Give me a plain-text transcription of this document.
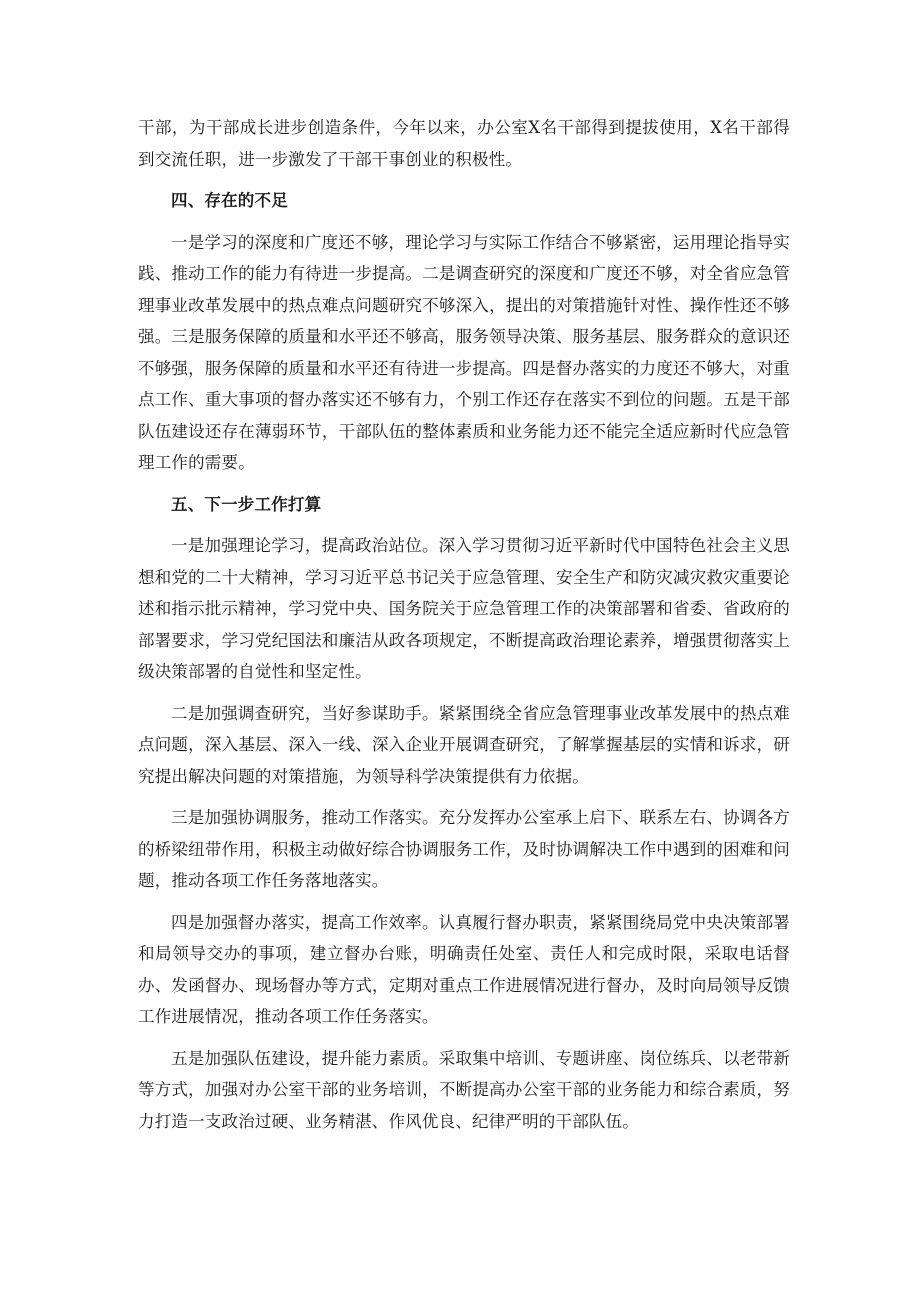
干部，为干部成长进步创造条件，今年以来，办公室X名干部得到提拔使用，X名干部得到交流任职，进一步激发了干部干事创业的积极性。

四、存在的不足

一是学习的深度和广度还不够，理论学习与实际工作结合不够紧密，运用理论指导实践、推动工作的能力有待进一步提高。二是调查研究的深度和广度还不够，对全省应急管理事业改革发展中的热点难点问题研究不够深入，提出的对策措施针对性、操作性还不够强。三是服务保障的质量和水平还不够高，服务领导决策、服务基层、服务群众的意识还不够强，服务保障的质量和水平还有待进一步提高。四是督办落实的力度还不够大，对重点工作、重大事项的督办落实还不够有力，个别工作还存在落实不到位的问题。五是干部队伍建设还存在薄弱环节，干部队伍的整体素质和业务能力还不能完全适应新时代应急管理工作的需要。

五、下一步工作打算

一是加强理论学习，提高政治站位。深入学习贯彻习近平新时代中国特色社会主义思想和党的二十大精神，学习习近平总书记关于应急管理、安全生产和防灾减灾救灾重要论述和指示批示精神，学习党中央、国务院关于应急管理工作的决策部署和省委、省政府的部署要求，学习党纪国法和廉洁从政各项规定，不断提高政治理论素养，增强贯彻落实上级决策部署的自觉性和坚定性。

二是加强调查研究，当好参谋助手。紧紧围绕全省应急管理事业改革发展中的热点难点问题，深入基层、深入一线、深入企业开展调查研究，了解掌握基层的实情和诉求，研究提出解决问题的对策措施，为领导科学决策提供有力依据。

三是加强协调服务，推动工作落实。充分发挥办公室承上启下、联系左右、协调各方的桥梁纽带作用，积极主动做好综合协调服务工作，及时协调解决工作中遇到的困难和问题，推动各项工作任务落地落实。

四是加强督办落实，提高工作效率。认真履行督办职责，紧紧围绕局党中央决策部署和局领导交办的事项，建立督办台账，明确责任处室、责任人和完成时限，采取电话督办、发函督办、现场督办等方式，定期对重点工作进展情况进行督办，及时向局领导反馈工作进展情况，推动各项工作任务落实。

五是加强队伍建设，提升能力素质。采取集中培训、专题讲座、岗位练兵、以老带新等方式，加强对办公室干部的业务培训，不断提高办公室干部的业务能力和综合素质，努力打造一支政治过硬、业务精湛、作风优良、纪律严明的干部队伍。
